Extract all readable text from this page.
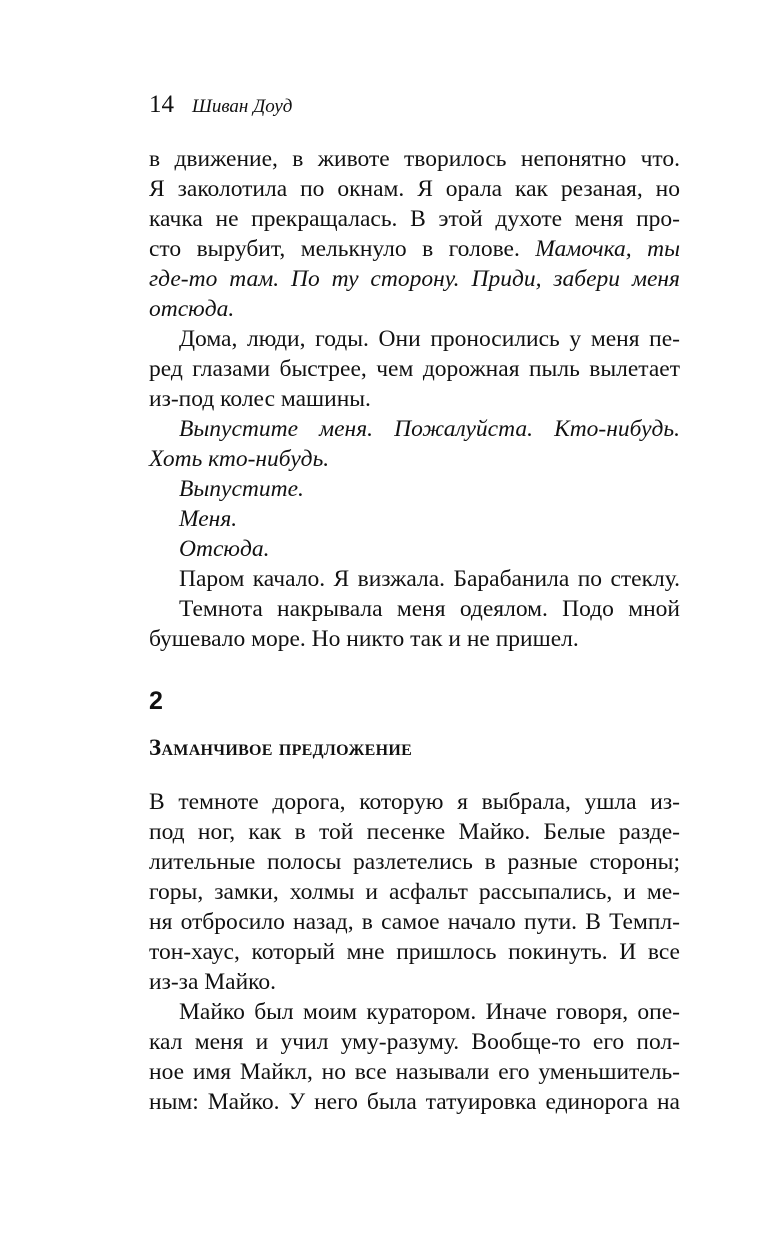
14 Шиван Доуд
в движение, в животе творилось непонятно что.
Я заколотила по окнам. Я орала как резаная, но
качка не прекращалась. В этой духоте меня про-
сто вырубит, мелькнуло в голове. Мамочка, ты
где-то там. По ту сторону. Приди, забери меня
отсюда.
Дома, люди, годы. Они проносились у меня пе-
ред глазами быстрее, чем дорожная пыль вылетает
из-под колес машины.
Выпустите меня. Пожалуйста. Кто-нибудь.
Хоть кто-нибудь.
Выпустите.
Меня.
Отсюда.
Паром качало. Я визжала. Барабанила по стеклу.
Темнота накрывала меня одеялом. Подо мной
бушевало море. Но никто так и не пришел.
2
Заманчивое предложение
В темноте дорога, которую я выбрала, ушла из-
под ног, как в той песенке Майко. Белые разде-
лительные полосы разлетелись в разные стороны;
горы, замки, холмы и асфальт рассыпались, и ме-
ня отбросило назад, в самое начало пути. В Темпл-
тон-хаус, который мне пришлось покинуть. И все
из-за Майко.
Майко был моим куратором. Иначе говоря, опе-
кал меня и учил уму-разуму. Вообще-то его пол-
ное имя Майкл, но все называли его уменьшитель-
ным: Майко. У него была татуировка единорога на
